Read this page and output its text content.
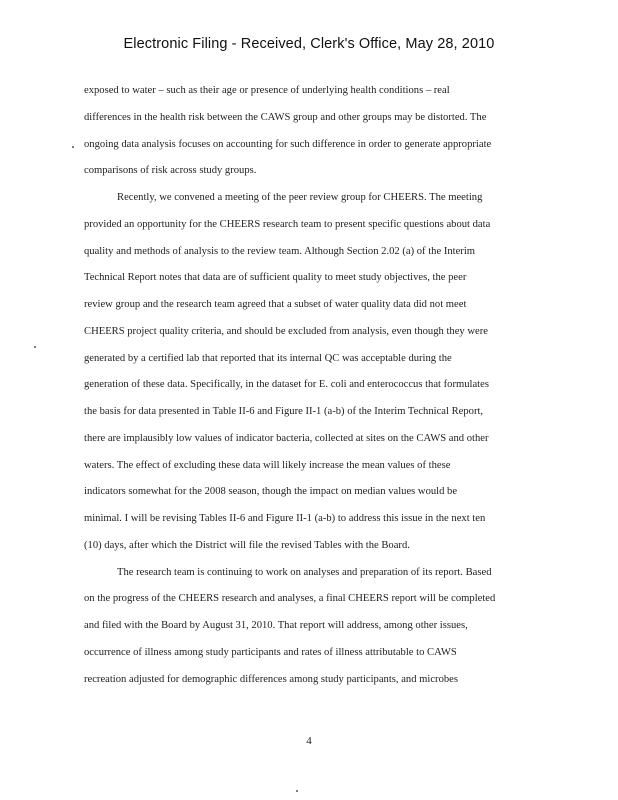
Electronic Filing - Received, Clerk's Office, May 28, 2010
exposed to water – such as their age or presence of underlying health conditions – real
differences in the health risk between the CAWS group and other groups may be distorted. The
ongoing data analysis focuses on accounting for such difference in order to generate appropriate
comparisons of risk across study groups.
Recently, we convened a meeting of the peer review group for CHEERS. The meeting
provided an opportunity for the CHEERS research team to present specific questions about data
quality and methods of analysis to the review team. Although Section 2.02 (a) of the Interim
Technical Report notes that data are of sufficient quality to meet study objectives, the peer
review group and the research team agreed that a subset of water quality data did not meet
CHEERS project quality criteria, and should be excluded from analysis, even though they were
generated by a certified lab that reported that its internal QC was acceptable during the
generation of these data. Specifically, in the dataset for E. coli and enterococcus that formulates
the basis for data presented in Table II-6 and Figure II-1 (a-b) of the Interim Technical Report,
there are implausibly low values of indicator bacteria, collected at sites on the CAWS and other
waters. The effect of excluding these data will likely increase the mean values of these
indicators somewhat for the 2008 season, though the impact on median values would be
minimal. I will be revising Tables II-6 and Figure II-1 (a-b) to address this issue in the next ten
(10) days, after which the District will file the revised Tables with the Board.
The research team is continuing to work on analyses and preparation of its report. Based
on the progress of the CHEERS research and analyses, a final CHEERS report will be completed
and filed with the Board by August 31, 2010. That report will address, among other issues,
occurrence of illness among study participants and rates of illness attributable to CAWS
recreation adjusted for demographic differences among study participants, and microbes
4
